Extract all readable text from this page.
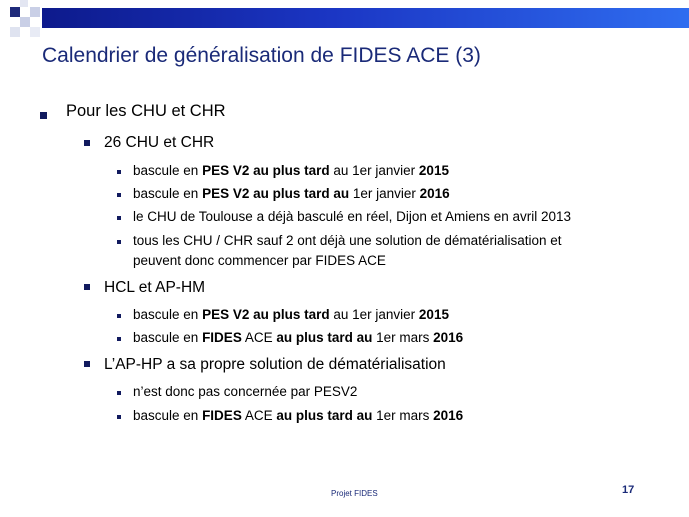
Calendrier de généralisation de FIDES ACE (3)
Pour les CHU et CHR
26 CHU et CHR
bascule en PES V2 au plus tard au 1er janvier 2015
bascule en PES V2 au plus tard au 1er janvier 2016
le CHU de Toulouse a déjà basculé en réel, Dijon et Amiens en avril 2013
tous les CHU / CHR sauf 2 ont déjà une solution de dématérialisation et
peuvent donc commencer par FIDES ACE
HCL et AP-HM
bascule en PES V2 au plus tard au 1er janvier 2015
bascule en FIDES ACE au plus tard au 1er mars 2016
L’AP-HP a sa propre solution de dématérialisation
n’est donc pas concernée par PESV2
bascule en FIDES ACE au plus tard au 1er mars 2016
Projet FIDES	17
